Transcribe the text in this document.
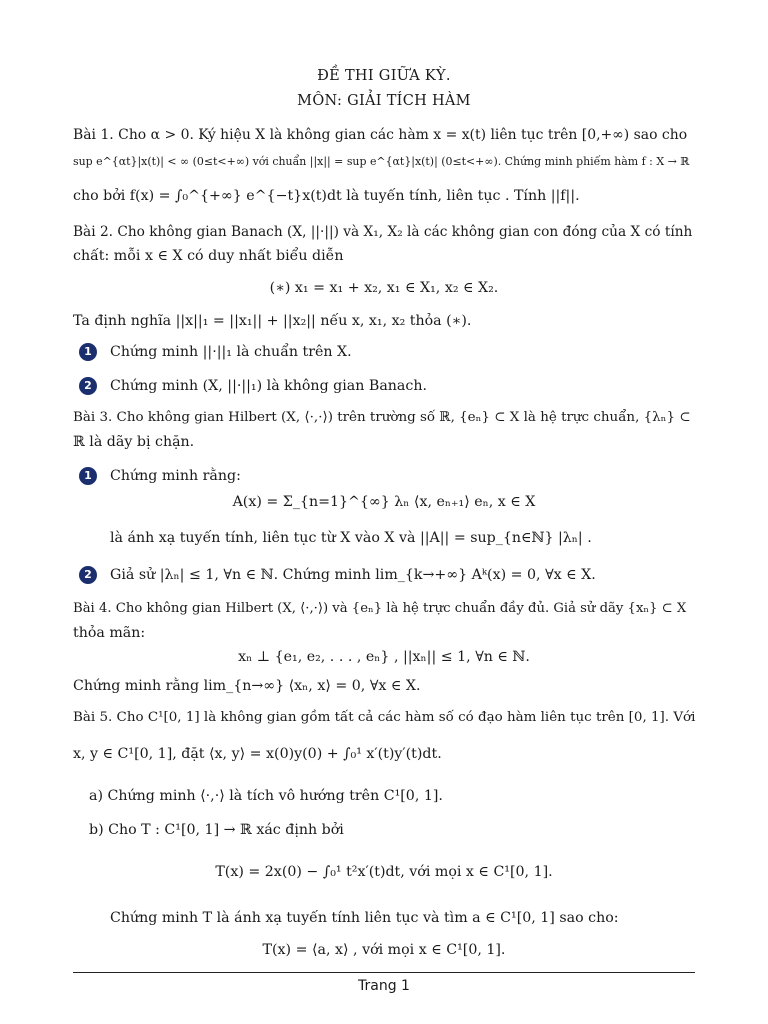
ĐỀ THI GIỮA KỲ.
MÔN: GIẢI TÍCH HÀM
Bài 1. Cho α > 0. Ký hiệu X là không gian các hàm x = x(t) liên tục trên [0,+∞) sao cho
sup e^{αt}|x(t)| < ∞ (0≤t<+∞) với chuẩn ||x|| = sup e^{αt}|x(t)| (0≤t<+∞). Chứng minh phiếm hàm f : X → ℝ
cho bởi f(x) = ∫₀^{+∞} e^{−t}x(t)dt là tuyến tính, liên tục . Tính ||f||.
Bài 2. Cho không gian Banach (X, ||·||) và X₁, X₂ là các không gian con đóng của X có tính
chất: mỗi x ∈ X có duy nhất biểu diễn
(∗) x₁ = x₁ + x₂, x₁ ∈ X₁, x₂ ∈ X₂.
Ta định nghĩa ||x||₁ = ||x₁|| + ||x₂|| nếu x, x₁, x₂ thỏa (∗).
1	Chứng minh ||·||₁ là chuẩn trên X.
2	Chứng minh (X, ||·||₁) là không gian Banach.
Bài 3. Cho không gian Hilbert (X, ⟨·,·⟩) trên trường số ℝ, {eₙ} ⊂ X là hệ trực chuẩn, {λₙ} ⊂
ℝ là dãy bị chặn.
1	Chứng minh rằng:
A(x) = Σ_{n=1}^{∞} λₙ ⟨x, eₙ₊₁⟩ eₙ, x ∈ X
là ánh xạ tuyến tính, liên tục từ X vào X và ||A|| = sup_{n∈ℕ} |λₙ| .
2	Giả sử |λₙ| ≤ 1, ∀n ∈ ℕ. Chứng minh lim_{k→+∞} Aᵏ(x) = 0, ∀x ∈ X.
Bài 4. Cho không gian Hilbert (X, ⟨·,·⟩) và {eₙ} là hệ trực chuẩn đầy đủ. Giả sử dãy {xₙ} ⊂ X
thỏa mãn:
xₙ ⊥ {e₁, e₂, . . . , eₙ} , ||xₙ|| ≤ 1, ∀n ∈ ℕ.
Chứng minh rằng lim_{n→∞} ⟨xₙ, x⟩ = 0, ∀x ∈ X.
Bài 5. Cho C¹[0, 1] là không gian gồm tất cả các hàm số có đạo hàm liên tục trên [0, 1]. Với
x, y ∈ C¹[0, 1], đặt ⟨x, y⟩ = x(0)y(0) + ∫₀¹ x′(t)y′(t)dt.
a) Chứng minh ⟨·,·⟩ là tích vô hướng trên C¹[0, 1].
b) Cho T : C¹[0, 1] → ℝ xác định bởi
T(x) = 2x(0) − ∫₀¹ t²x′(t)dt, với mọi x ∈ C¹[0, 1].
Chứng minh T là ánh xạ tuyến tính liên tục và tìm a ∈ C¹[0, 1] sao cho:
T(x) = ⟨a, x⟩ , với mọi x ∈ C¹[0, 1].
Trang 1
